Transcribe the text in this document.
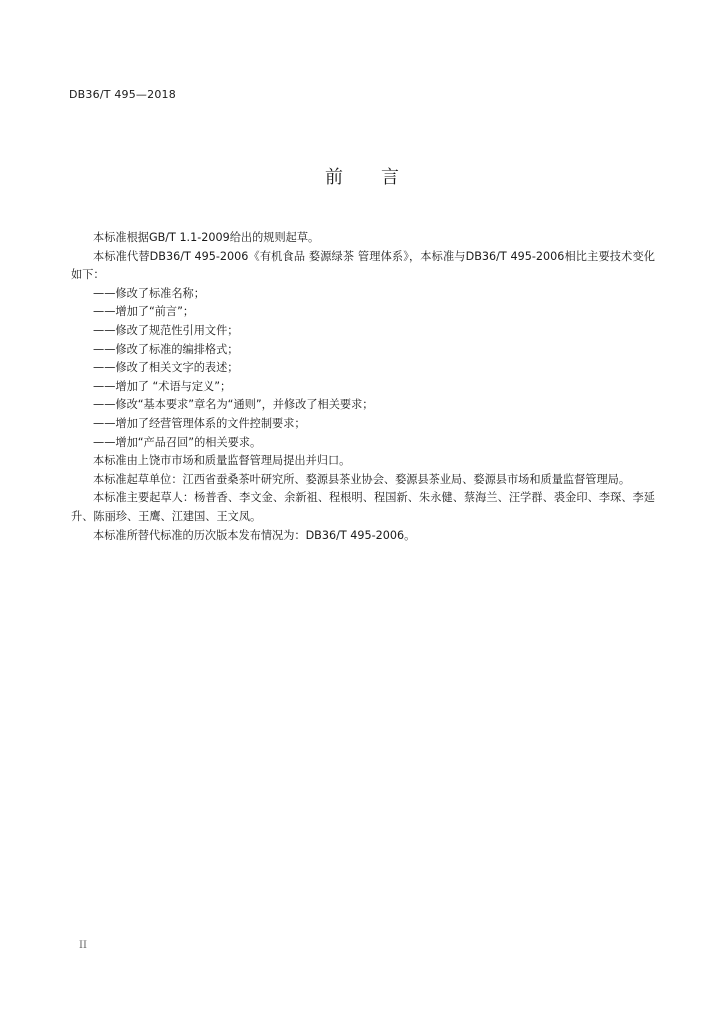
DB36/T 495—2018
前 言

本标准根据GB/T 1.1-2009给出的规则起草。

本标准代替DB36/T 495-2006《有机食品 婺源绿茶 管理体系》，本标准与DB36/T 495-2006相比主要技术变化如下：

——修改了标准名称；

——增加了“前言”；

——修改了规范性引用文件；

——修改了标准的编排格式；

——修改了相关文字的表述；

——增加了 “术语与定义”；

——修改“基本要求”章名为“通则”，并修改了相关要求；

——增加了经营管理体系的文件控制要求；

——增加“产品召回”的相关要求。

本标准由上饶市市场和质量监督管理局提出并归口。

本标准起草单位：江西省蚕桑茶叶研究所、婺源县茶业协会、婺源县茶业局、婺源县市场和质量监督管理局。

本标准主要起草人：杨普香、李文金、余新祖、程根明、程国新、朱永健、蔡海兰、汪学群、裘金印、李琛、李延升、陈丽珍、王鹰、江建国、王文凤。

本标准所替代标准的历次版本发布情况为：DB36/T 495-2006。

II
